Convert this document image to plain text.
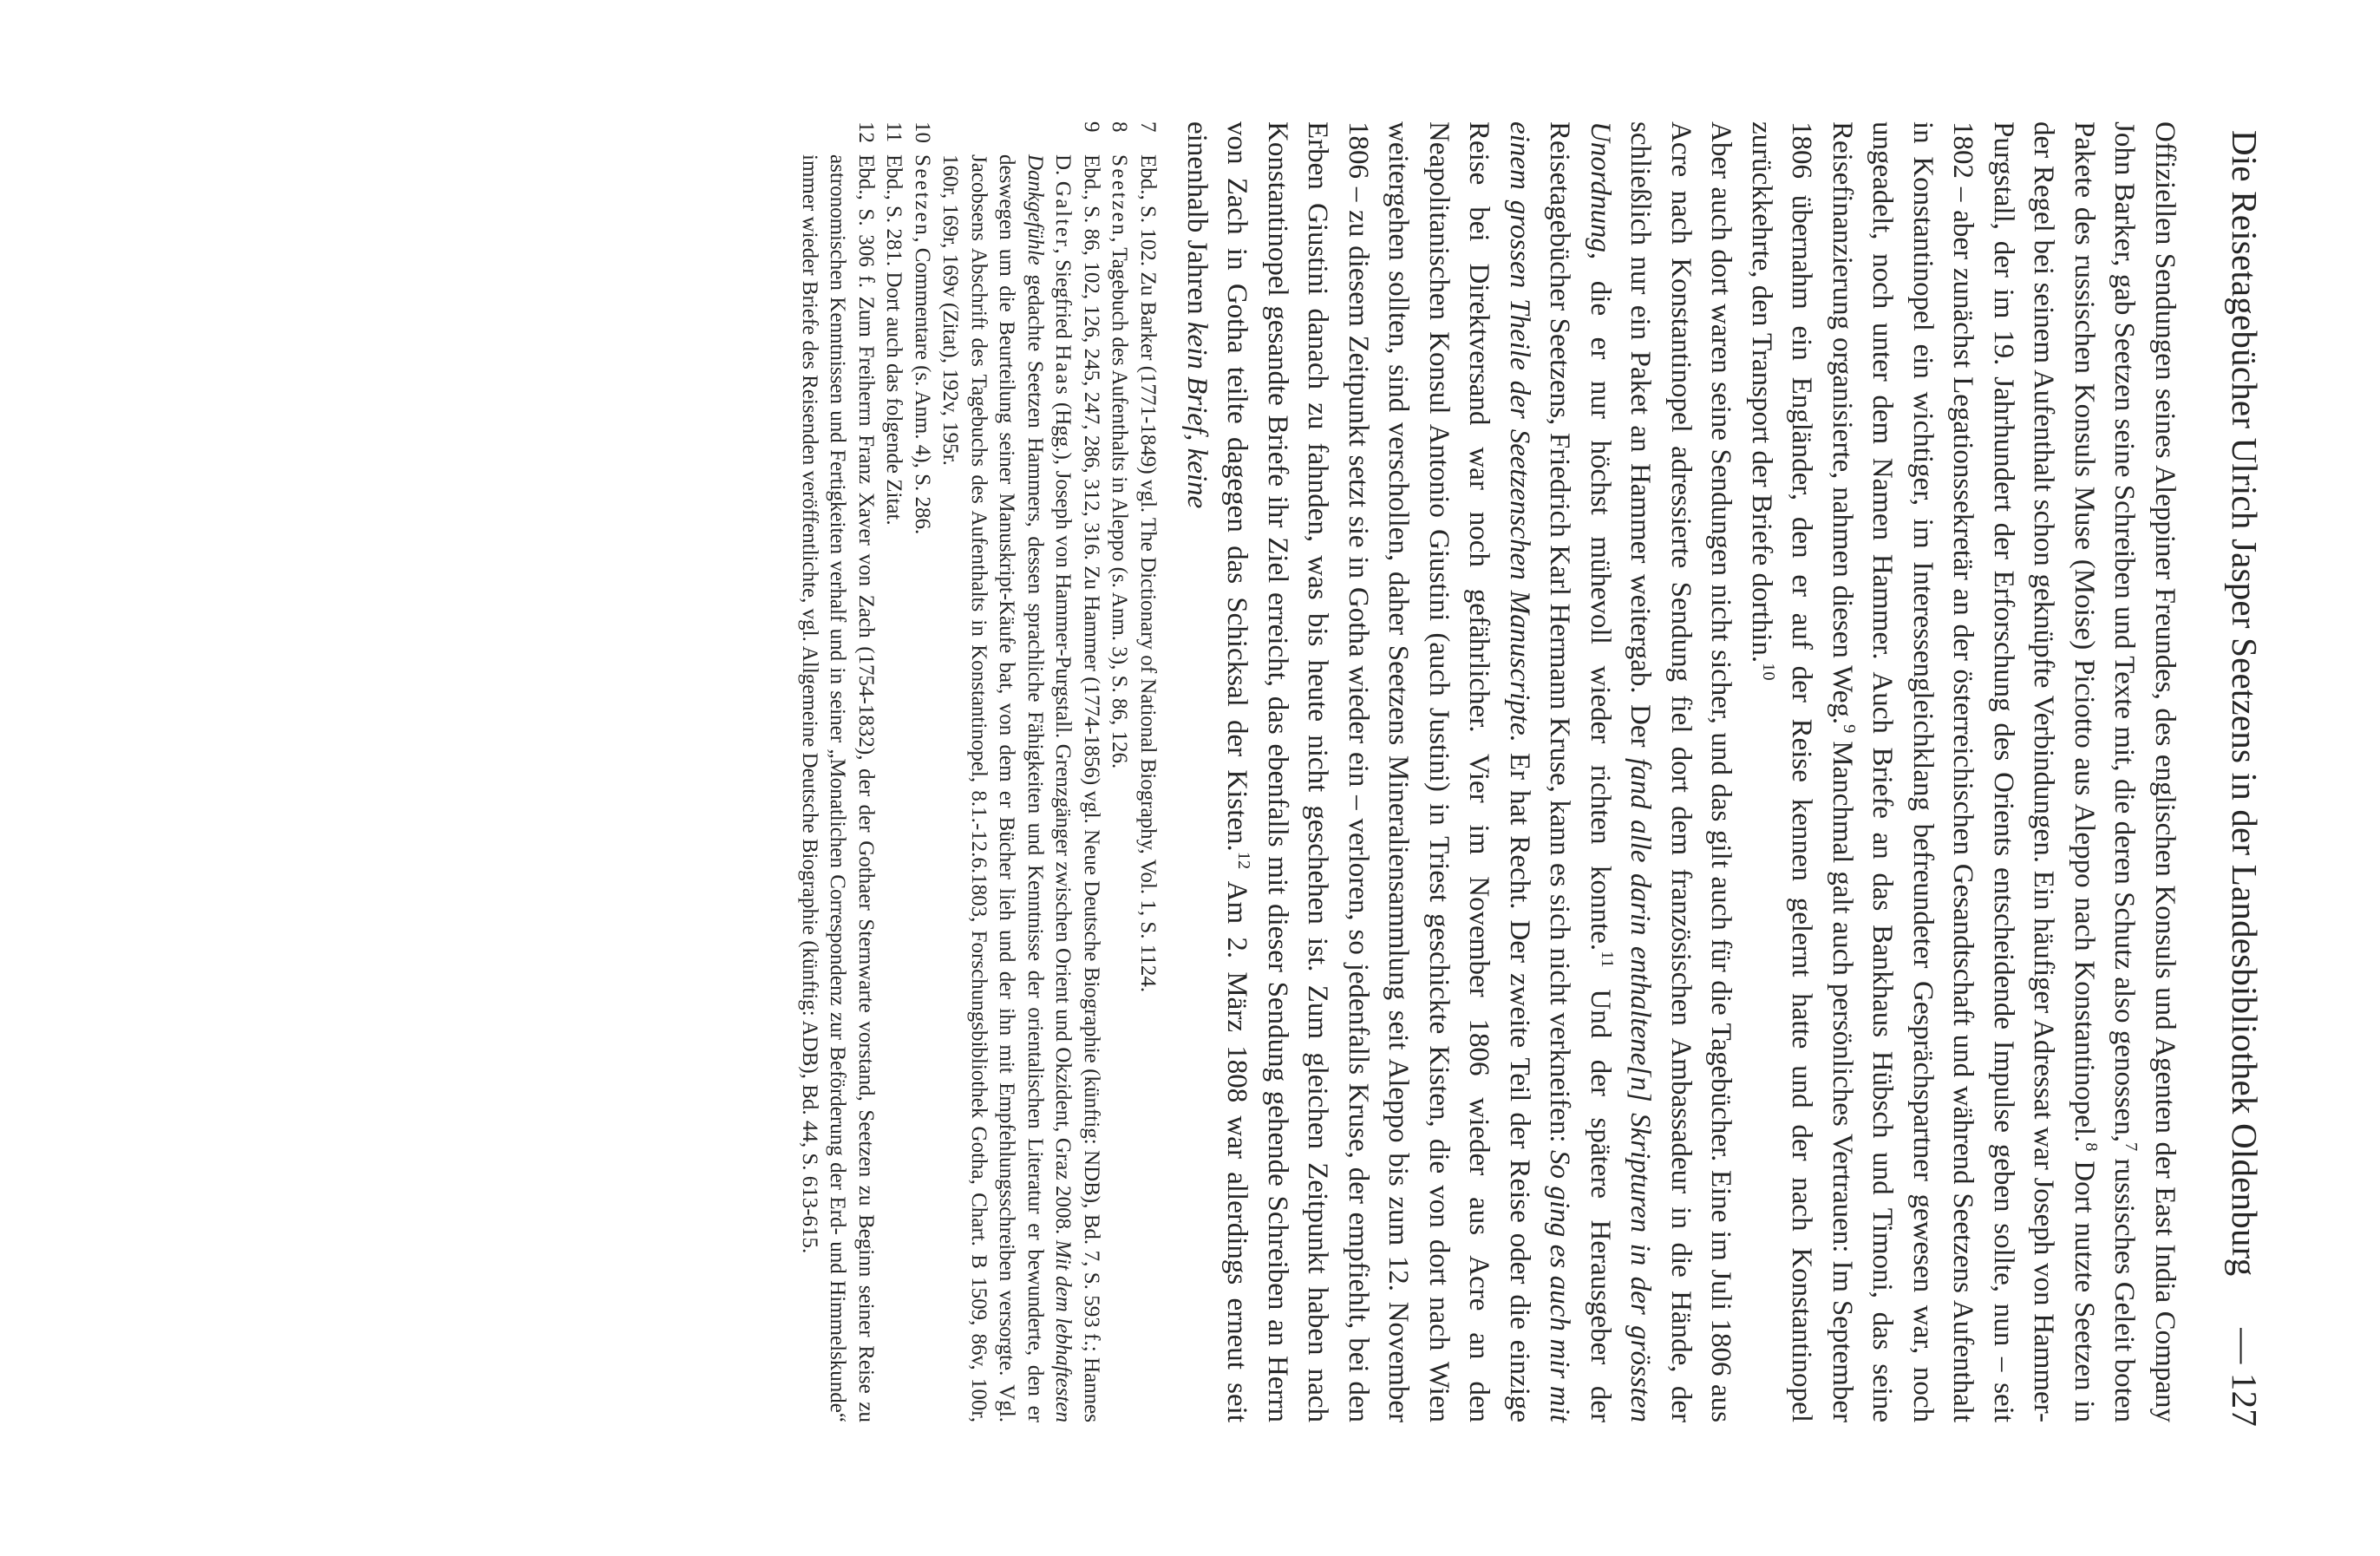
Die Reisetagebücher Ulrich Jasper Seetzens in der Landesbibliothek Oldenburg
— 127

Offiziellen Sendungen seines Aleppiner Freundes, des englischen Konsuls und Agenten der East India Company John Barker, gab Seetzen seine Schreiben und Texte mit, die deren Schutz also genossen,$^7$ russisches Geleit boten Pakete des russischen Konsuls Muse (Moise) Piciotto aus Aleppo nach Konstantinopel.$^8$ Dort nutzte Seetzen in der Regel bei seinem Aufenthalt schon geknüpfte Verbindungen. Ein häufiger Adressat war Joseph von Hammer-Purgstall, der im 19. Jahrhundert der Erforschung des Orients entscheidende Impulse geben sollte, nun – seit 1802 – aber zunächst Legationssekretär an der österreichischen Gesandtschaft und während Seetzens Aufenthalt in Konstantinopel ein wichtiger, im Interessengleichklang befreundeter Gesprächspartner gewesen war, noch ungeadelt, noch unter dem Namen Hammer. Auch Briefe an das Bankhaus Hübsch und Timoni, das seine Reisefinanzierung organisierte, nahmen diesen Weg.$^9$ Manchmal galt auch persönliches Vertrauen: Im September 1806 übernahm ein Engländer, den er auf der Reise kennen gelernt hatte und der nach Konstantinopel zurückkehrte, den Transport der Briefe dorthin.$^{10}$

Aber auch dort waren seine Sendungen nicht sicher, und das gilt auch für die Tagebücher. Eine im Juli 1806 aus Acre nach Konstantinopel adressierte Sendung fiel dort dem französischen Ambassadeur in die Hände, der schließlich nur ein Paket an Hammer weitergab. Der fand alle darin enthaltene[n] Skripturen in der grössten Unordnung, die er nur höchst mühevoll wieder richten konnte.$^{11}$ Und der spätere Herausgeber der Reisetagebücher Seetzens, Friedrich Karl Hermann Kruse, kann es sich nicht verkneifen: So ging es auch mir mit einem grossen Theile der Seetzenschen Manuscripte. Er hat Recht. Der zweite Teil der Reise oder die einzige Reise bei Direktversand war noch gefährlicher. Vier im November 1806 wieder aus Acre an den Neapolitanischen Konsul Antonio Giustini (auch Justini) in Triest geschickte Kisten, die von dort nach Wien weitergehen sollten, sind verschollen, daher Seetzens Mineraliensammlung seit Aleppo bis zum 12. November 1806 – zu diesem Zeitpunkt setzt sie in Gotha wieder ein – verloren, so jedenfalls Kruse, der empfiehlt, bei den Erben Giustini danach zu fahnden, was bis heute nicht geschehen ist. Zum gleichen Zeitpunkt haben nach Konstantinopel gesandte Briefe ihr Ziel erreicht, das ebenfalls mit dieser Sendung gehende Schreiben an Herrn von Zach in Gotha teilte dagegen das Schicksal der Kisten.$^{12}$ Am 2. März 1808 war allerdings erneut seit einenhalb Jahren kein Brief, keine

7
Ebd., S. 102. Zu Barker (1771-1849) vgl. The Dictionary of National Biography, Vol. 1, S. 1124.
8
Seetzen, Tagebuch des Aufenthalts in Aleppo (s. Anm. 3), S. 86, 126.
9
Ebd., S. 86, 102, 126, 245, 247, 286, 312, 316. Zu Hammer (1774-1856) vgl. Neue Deutsche Biographie (künftig: NDB), Bd. 7, S. 593 f.; Hannes D. Galter, Siegfried Haas (Hgg.), Joseph von Hammer-Purgstall. Grenzgänger zwischen Orient und Okzident, Graz 2008. Mit dem lebhaftesten Dankgefühle gedachte Seetzen Hammers, dessen sprachliche Fähigkeiten und Kenntnisse der orientalischen Literatur er bewunderte, den er deswegen um die Beurteilung seiner Manuskript-Käufe bat, von dem er Bücher lieh und der ihn mit Empfehlungsschreiben versorgte. Vgl. Jacobsens Abschrift des Tagebuchs des Aufenthalts in Konstantinopel, 8.1.-12.6.1803, Forschungsbibliothek Gotha, Chart. B 1509, 86v, 100r, 160r, 169r, 169v (Zitat), 192v, 195r.
10
Seetzen, Commentare (s. Anm. 4), S. 286.
11
Ebd., S. 281. Dort auch das folgende Zitat.
12
Ebd., S. 306 f. Zum Freiherrn Franz Xaver von Zach (1754-1832), der der Gothaer Sternwarte vorstand, Seetzen zu Beginn seiner Reise zu astronomischen Kenntnissen und Fertigkeiten verhalf und in seiner „Monatlichen Correspondenz zur Beförderung der Erd- und Himmelskunde“ immer wieder Briefe des Reisenden veröffentlichte, vgl. Allgemeine Deutsche Biographie (künftig: ADB), Bd. 44, S. 613-615.
